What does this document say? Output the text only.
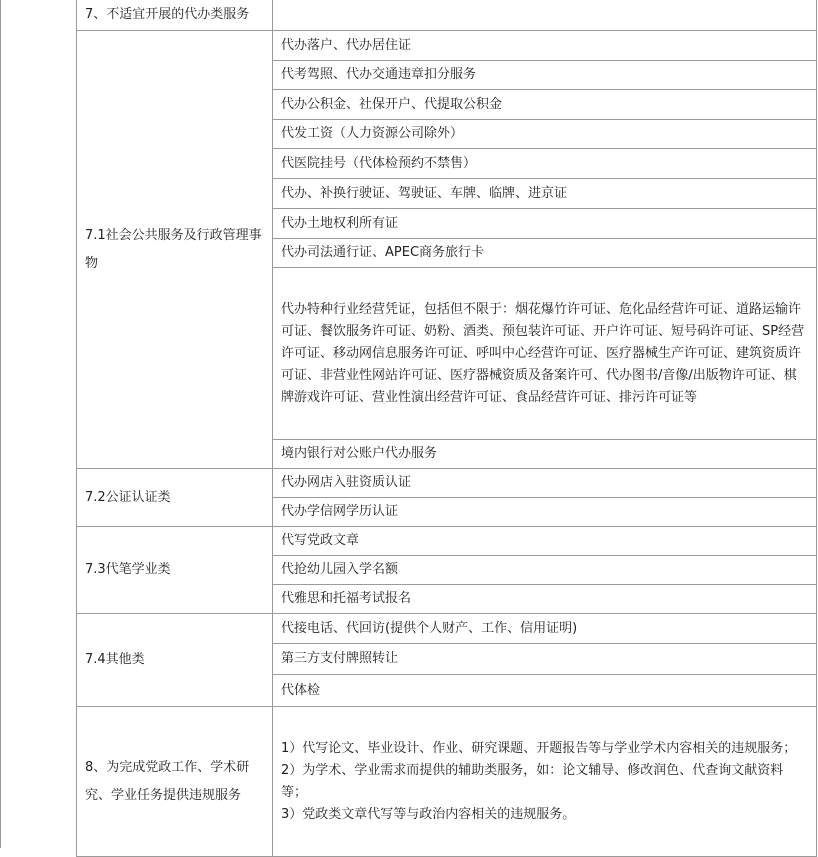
7、不适宜开展的代办类服务	
7.1社会公共服务及行政管理事物	代办落户、代办居住证
	代考驾照、代办交通违章扣分服务
	代办公积金、社保开户、代提取公积金
	代发工资（人力资源公司除外）
	代医院挂号（代体检预约不禁售）
	代办、补换行驶证、驾驶证、车牌、临牌、进京证
	代办土地权利所有证
	代办司法通行证、APEC商务旅行卡
	代办特种行业经营凭证，包括但不限于：烟花爆竹许可证、危化品经营许可证、道路运输许可证、餐饮服务许可证、奶粉、酒类、预包装许可证、开户许可证、短号码许可证、SP经营许可证、移动网信息服务许可证、呼叫中心经营许可证、医疗器械生产许可证、建筑资质许可证、非营业性网站许可证、医疗器械资质及备案许可、代办图书/音像/出版物许可证、棋牌游戏许可证、营业性演出经营许可证、食品经营许可证、排污许可证等
	境内银行对公账户代办服务
7.2公证认证类	代办网店入驻资质认证
	代办学信网学历认证
7.3代笔学业类	代写党政文章
	代抢幼儿园入学名额
	代雅思和托福考试报名
7.4其他类	代接电话、代回访(提供个人财产、工作、信用证明)
	第三方支付牌照转让
	代体检
8、为完成党政工作、学术研究、学业任务提供违规服务	1）代写论文、毕业设计、作业、研究课题、开题报告等与学业学术内容相关的违规服务；

2）为学术、学业需求而提供的辅助类服务，如：论文辅导、修改润色、代查询文献资料等；

3）党政类文章代写等与政治内容相关的违规服务。
